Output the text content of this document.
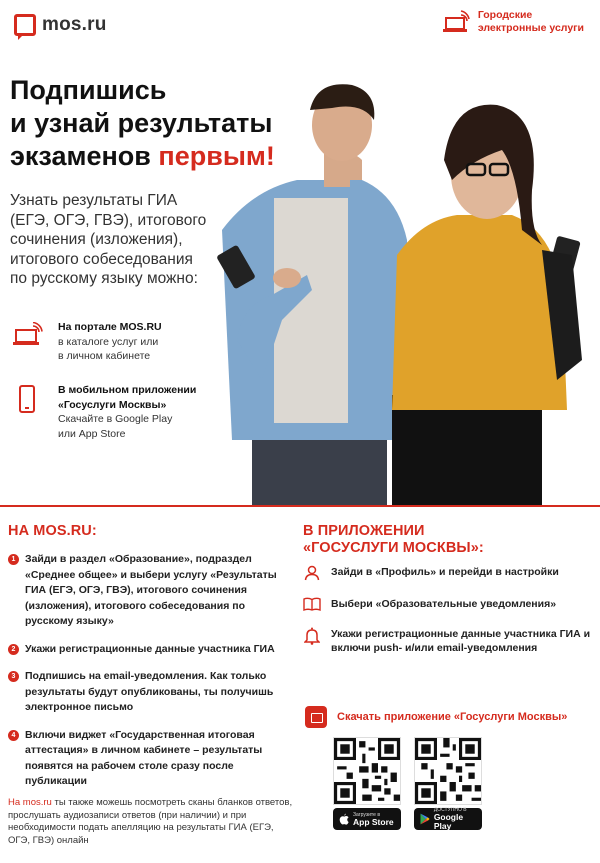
mos.ru	Городские
электронные услуги
Подпишись
и узнай результаты
экзаменов первым!
Узнать результаты ГИА (ЕГЭ, ОГЭ, ГВЭ), итогового сочинения (изложения), итогового собеседования по русскому языку можно:
На портале MOS.RU
в каталоге услуг или
в личном кабинете
В мобильном приложении
«Госуслуги Москвы»
Скачайте в Google Play
или App Store
НА MOS.RU:
1 Зайди в раздел «Образование», подраздел «Среднее общее» и выбери услугу «Результаты ГИА (ЕГЭ, ОГЭ, ГВЭ), итогового сочинения (изложения), итогового собеседования по русскому языку»
2 Укажи регистрационные данные участника ГИА
3 Подпишись на email-уведомления. Как только результаты будут опубликованы, ты получишь электронное письмо
4 Включи виджет «Государственная итоговая аттестация» в личном кабинете – результаты появятся на рабочем столе сразу после публикации
На mos.ru ты также можешь посмотреть сканы бланков ответов, прослушать аудиозаписи ответов (при наличии) и при необходимости подать апелляцию на результаты ГИА (ЕГЭ, ОГЭ, ГВЭ) онлайн
В ПРИЛОЖЕНИИ
«ГОСУСЛУГИ МОСКВЫ»:
Зайди в «Профиль» и перейди в настройки
Выбери «Образовательные уведомления»
Укажи регистрационные данные участника ГИА и включи push- и/или email-уведомления
Скачать приложение «Госуслуги Москвы»
Загрузите в
App Store
ДОСТУПНО В
Google Play
